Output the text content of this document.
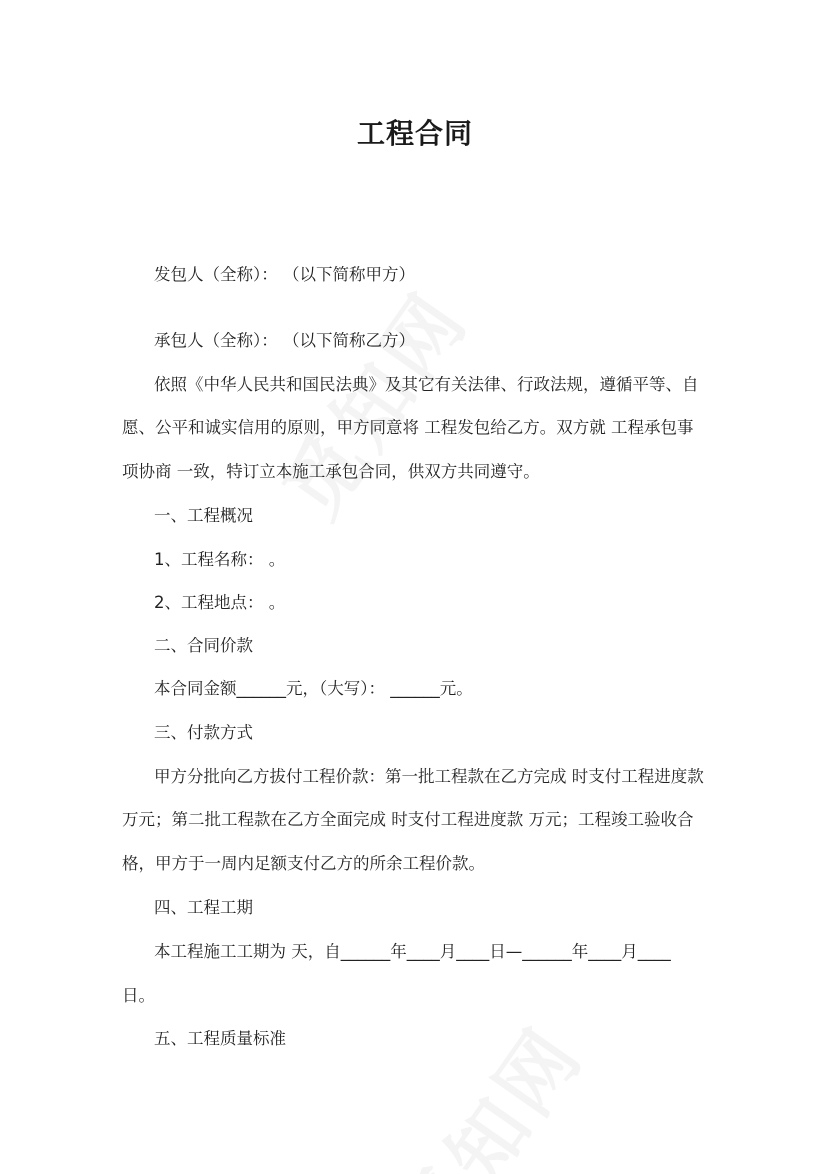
工程合同
发包人（全称）： （以下简称甲方）
承包人（全称）： （以下简称乙方）
依照《中华人民共和国民法典》及其它有关法律、行政法规，遵循平等、自
愿、公平和诚实信用的原则，甲方同意将 工程发包给乙方。双方就 工程承包事
项协商 一致，特订立本施工承包合同，供双方共同遵守。
一、工程概况
1、工程名称： 。
2、工程地点： 。
二、合同价款
本合同金额______元，（大写）： ______元。
三、付款方式
甲方分批向乙方拔付工程价款：第一批工程款在乙方完成 时支付工程进度款
万元；第二批工程款在乙方全面完成 时支付工程进度款 万元；工程竣工验收合
格，甲方于一周内足额支付乙方的所余工程价款。
四、工程工期
本工程施工工期为 天，自______年____月____日—______年____月____
日。
五、工程质量标准
